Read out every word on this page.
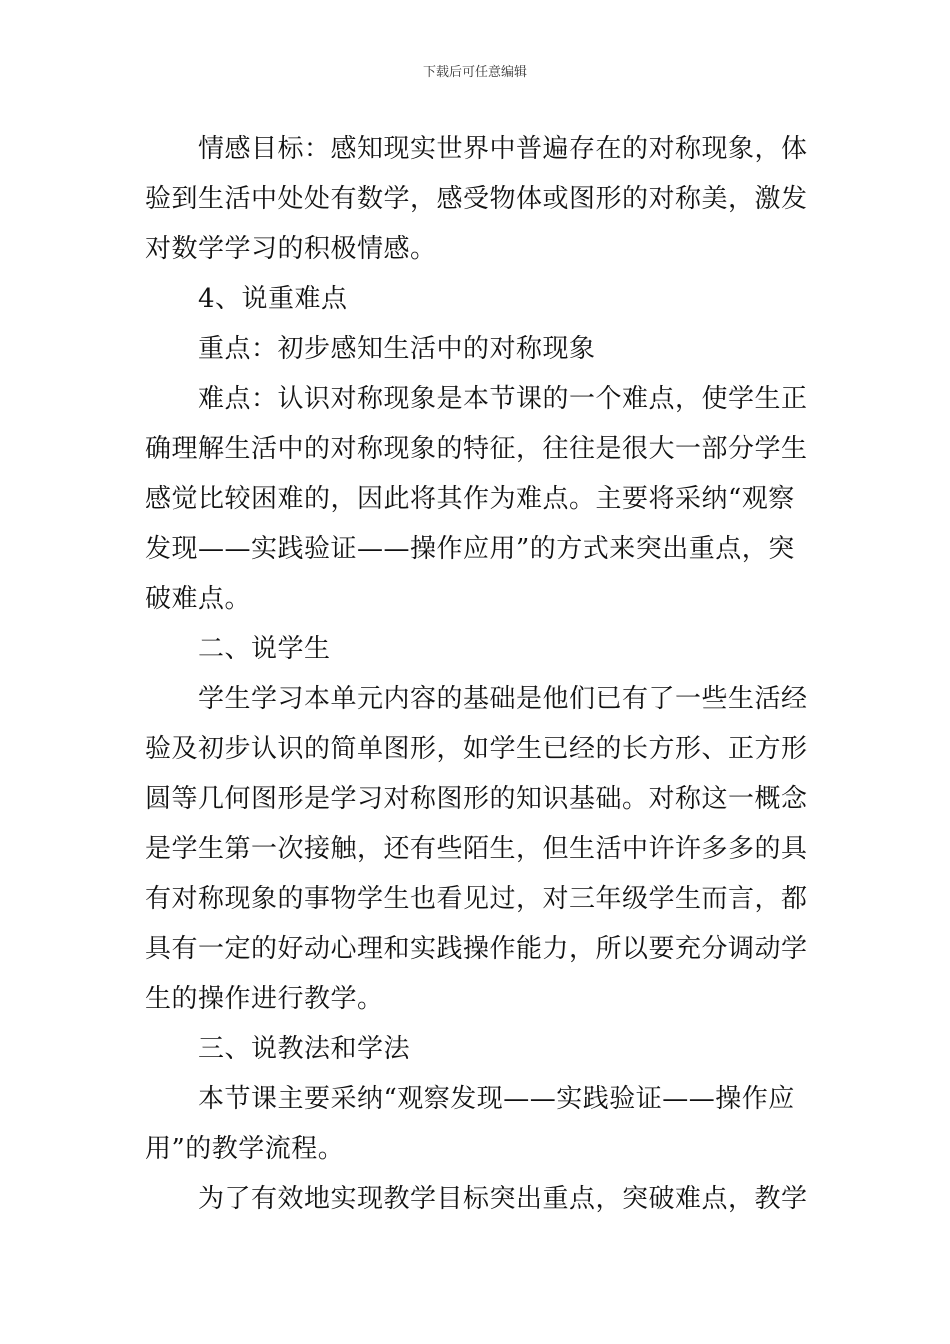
下载后可任意编辑
情感目标：感知现实世界中普遍存在的对称现象，体
验到生活中处处有数学，感受物体或图形的对称美，激发
对数学学习的积极情感。
4、说重难点
重点：初步感知生活中的对称现象
难点：认识对称现象是本节课的一个难点，使学生正
确理解生活中的对称现象的特征，往往是很大一部分学生
感觉比较困难的，因此将其作为难点。主要将采纳“观察
发现——实践验证——操作应用”的方式来突出重点，突
破难点。
二、说学生
学生学习本单元内容的基础是他们已有了一些生活经
验及初步认识的简单图形，如学生已经的长方形、正方形
圆等几何图形是学习对称图形的知识基础。对称这一概念
是学生第一次接触，还有些陌生，但生活中许许多多的具
有对称现象的事物学生也看见过，对三年级学生而言，都
具有一定的好动心理和实践操作能力，所以要充分调动学
生的操作进行教学。
三、说教法和学法
本节课主要采纳“观察发现——实践验证——操作应
用”的教学流程。
为了有效地实现教学目标突出重点，突破难点，教学
